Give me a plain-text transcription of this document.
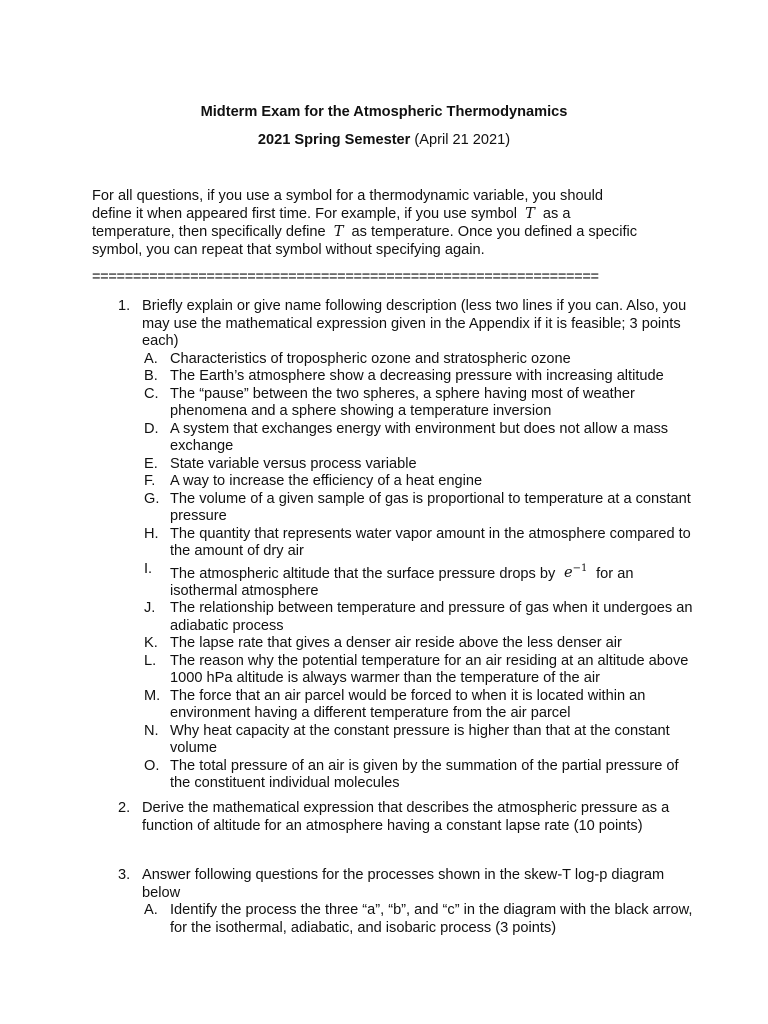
Midterm Exam for the Atmospheric Thermodynamics
2021 Spring Semester (April 21 2021)

For all questions, if you use a symbol for a thermodynamic variable, you should

define it when appeared first time. For example, if you use symbol T as a

temperature, then specifically define T as temperature. Once you defined a specific

symbol, you can repeat that symbol without specifying again.

==============================================================
1. Briefly explain or give name following description (less two lines if you can. Also, you may use the mathematical expression given in the Appendix if it is feasible; 3 points each)
A. Characteristics of tropospheric ozone and stratospheric ozone
B. The Earth’s atmosphere show a decreasing pressure with increasing altitude
C. The “pause” between the two spheres, a sphere having most of weather phenomena and a sphere showing a temperature inversion
D. A system that exchanges energy with environment but does not allow a mass exchange
E. State variable versus process variable
F. A way to increase the efficiency of a heat engine
G. The volume of a given sample of gas is proportional to temperature at a constant pressure
H. The quantity that represents water vapor amount in the atmosphere compared to the amount of dry air
I. The atmospheric altitude that the surface pressure drops by $e^{-1}$ for an isothermal atmosphere
J. The relationship between temperature and pressure of gas when it undergoes an adiabatic process
K. The lapse rate that gives a denser air reside above the less denser air
L. The reason why the potential temperature for an air residing at an altitude above 1000 hPa altitude is always warmer than the temperature of the air
M. The force that an air parcel would be forced to when it is located within an environment having a different temperature from the air parcel
N. Why heat capacity at the constant pressure is higher than that at the constant volume
O. The total pressure of an air is given by the summation of the partial pressure of the constituent individual molecules
2. Derive the mathematical expression that describes the atmospheric pressure as a function of altitude for an atmosphere having a constant lapse rate (10 points)
3. Answer following questions for the processes shown in the skew-T log-p diagram below
A. Identify the process the three “a”, “b”, and “c” in the diagram with the black arrow, for the isothermal, adiabatic, and isobaric process (3 points)
